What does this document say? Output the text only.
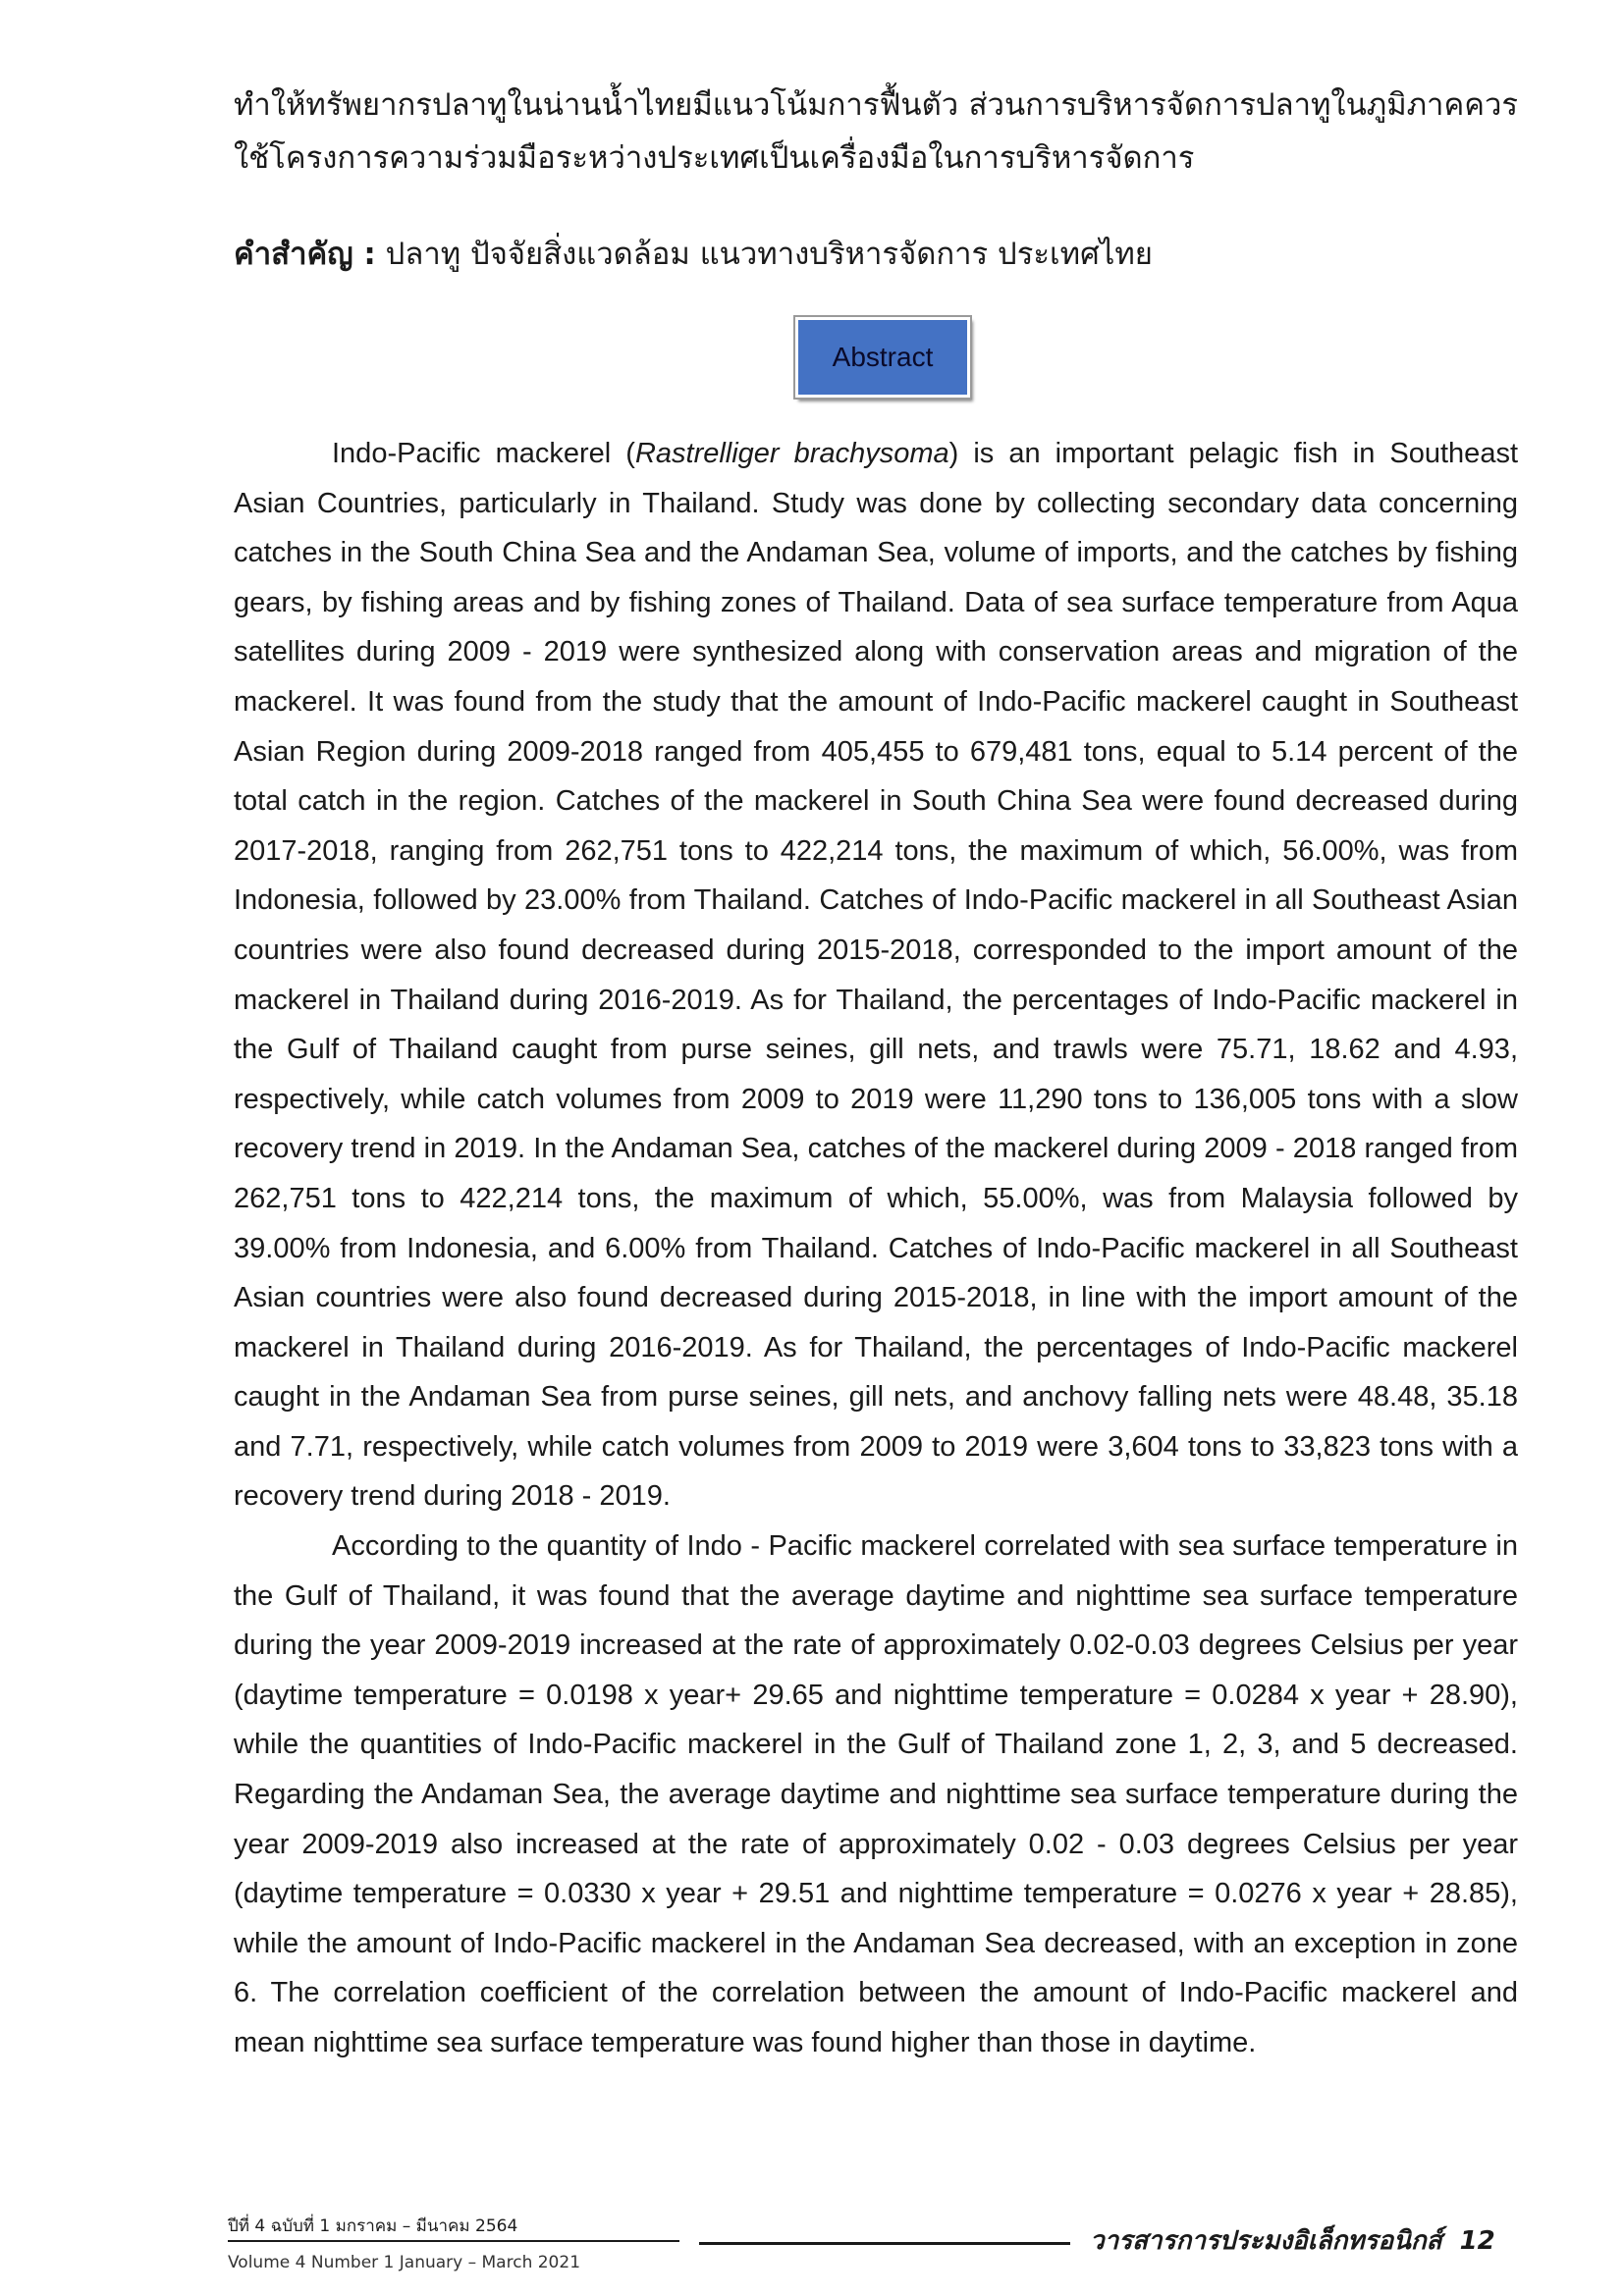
ทำให้ทรัพยากรปลาทูในน่านน้ำไทยมีแนวโน้มการฟื้นตัว ส่วนการบริหารจัดการปลาทูในภูมิภาคควรใช้โครงการความร่วมมือระหว่างประเทศเป็นเครื่องมือในการบริหารจัดการ

คำสำคัญ : ปลาทู ปัจจัยสิ่งแวดล้อม แนวทางบริหารจัดการ ประเทศไทย

Abstract

Indo-Pacific mackerel (Rastrelliger brachysoma) is an important pelagic fish in Southeast Asian Countries, particularly in Thailand. Study was done by collecting secondary data concerning catches in the South China Sea and the Andaman Sea, volume of imports, and the catches by fishing gears, by fishing areas and by fishing zones of Thailand. Data of sea surface temperature from Aqua satellites during 2009 - 2019 were synthesized along with conservation areas and migration of the mackerel. It was found from the study that the amount of Indo-Pacific mackerel caught in Southeast Asian Region during 2009-2018 ranged from 405,455 to 679,481 tons, equal to 5.14 percent of the total catch in the region. Catches of the mackerel in South China Sea were found decreased during 2017-2018, ranging from 262,751 tons to 422,214 tons, the maximum of which, 56.00%, was from Indonesia, followed by 23.00% from Thailand. Catches of Indo-Pacific mackerel in all Southeast Asian countries were also found decreased during 2015-2018, corresponded to the import amount of the mackerel in Thailand during 2016-2019. As for Thailand, the percentages of Indo-Pacific mackerel in the Gulf of Thailand caught from purse seines, gill nets, and trawls were 75.71, 18.62 and 4.93, respectively, while catch volumes from 2009 to 2019 were 11,290 tons to 136,005 tons with a slow recovery trend in 2019. In the Andaman Sea, catches of the mackerel during 2009 - 2018 ranged from 262,751 tons to 422,214 tons, the maximum of which, 55.00%, was from Malaysia followed by 39.00% from Indonesia, and 6.00% from Thailand. Catches of Indo-Pacific mackerel in all Southeast Asian countries were also found decreased during 2015-2018, in line with the import amount of the mackerel in Thailand during 2016-2019. As for Thailand, the percentages of Indo-Pacific mackerel caught in the Andaman Sea from purse seines, gill nets, and anchovy falling nets were 48.48, 35.18 and 7.71, respectively, while catch volumes from 2009 to 2019 were 3,604 tons to 33,823 tons with a recovery trend during 2018 - 2019.

According to the quantity of Indo - Pacific mackerel correlated with sea surface temperature in the Gulf of Thailand, it was found that the average daytime and nighttime sea surface temperature during the year 2009-2019 increased at the rate of approximately 0.02-0.03 degrees Celsius per year (daytime temperature = 0.0198 x year+ 29.65 and nighttime temperature = 0.0284 x year + 28.90), while the quantities of Indo-Pacific mackerel in the Gulf of Thailand zone 1, 2, 3, and 5 decreased. Regarding the Andaman Sea, the average daytime and nighttime sea surface temperature during the year 2009-2019 also increased at the rate of approximately 0.02 - 0.03 degrees Celsius per year (daytime temperature = 0.0330 x year + 29.51 and nighttime temperature = 0.0276 x year + 28.85), while the amount of Indo-Pacific mackerel in the Andaman Sea decreased, with an exception in zone 6. The correlation coefficient of the correlation between the amount of Indo-Pacific mackerel and mean nighttime sea surface temperature was found higher than those in daytime.

ปีที่ 4 ฉบับที่ 1 มกราคม – มีนาคม 2564
Volume 4 Number 1 January – March 2021
วารสารการประมงอิเล็กทรอนิกส์ 12
